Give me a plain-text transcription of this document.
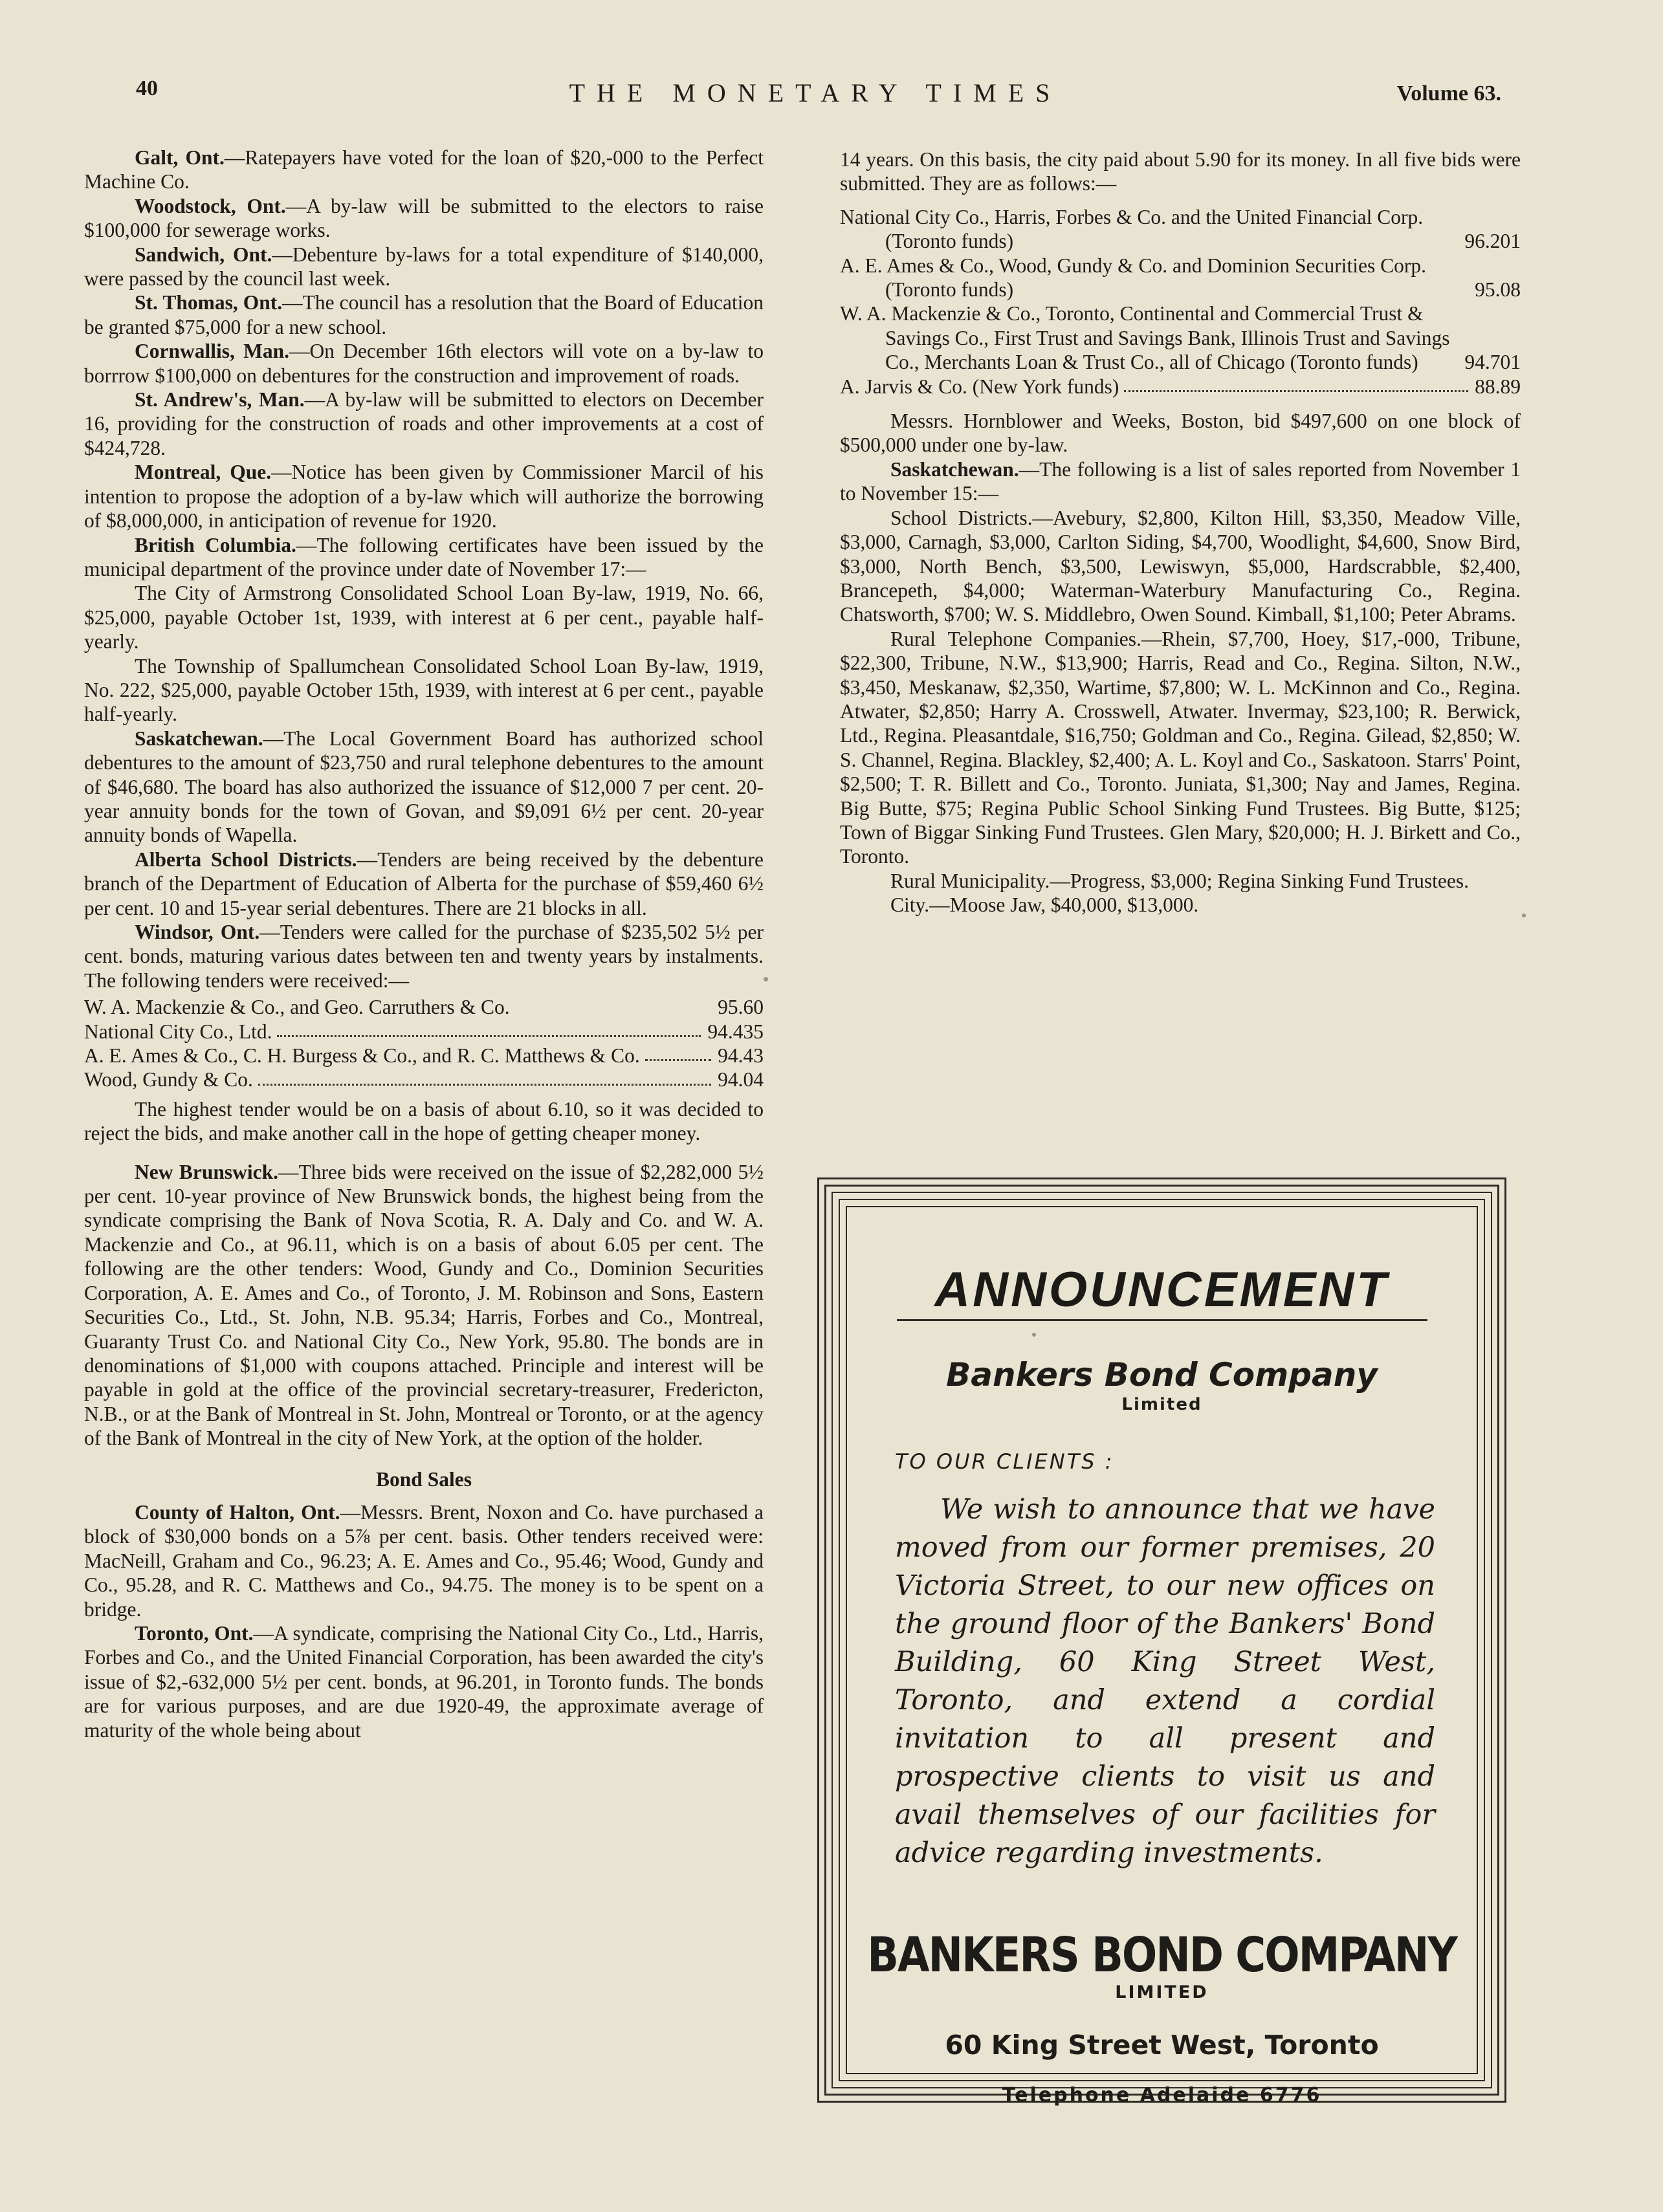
40	THE MONETARY TIMES	Volume 63.

Galt, Ont.—Ratepayers have voted for the loan of $20,-000 to the Perfect Machine Co.

Woodstock, Ont.—A by-law will be submitted to the electors to raise $100,000 for sewerage works.

Sandwich, Ont.—Debenture by-laws for a total expenditure of $140,000, were passed by the council last week.

St. Thomas, Ont.—The council has a resolution that the Board of Education be granted $75,000 for a new school.

Cornwallis, Man.—On December 16th electors will vote on a by-law to borrrow $100,000 on debentures for the construction and improvement of roads.

St. Andrew's, Man.—A by-law will be submitted to electors on December 16, providing for the construction of roads and other improvements at a cost of $424,728.

Montreal, Que.—Notice has been given by Commissioner Marcil of his intention to propose the adoption of a by-law which will authorize the borrowing of $8,000,000, in anticipation of revenue for 1920.

British Columbia.—The following certificates have been issued by the municipal department of the province under date of November 17:—

The City of Armstrong Consolidated School Loan By-law, 1919, No. 66, $25,000, payable October 1st, 1939, with interest at 6 per cent., payable half-yearly.

The Township of Spallumchean Consolidated School Loan By-law, 1919, No. 222, $25,000, payable October 15th, 1939, with interest at 6 per cent., payable half-yearly.

Saskatchewan.—The Local Government Board has authorized school debentures to the amount of $23,750 and rural telephone debentures to the amount of $46,680. The board has also authorized the issuance of $12,000 7 per cent. 20-year annuity bonds for the town of Govan, and $9,091 6½ per cent. 20-year annuity bonds of Wapella.

Alberta School Districts.—Tenders are being received by the debenture branch of the Department of Education of Alberta for the purchase of $59,460 6½ per cent. 10 and 15-year serial debentures. There are 21 blocks in all.

Windsor, Ont.—Tenders were called for the purchase of $235,502 5½ per cent. bonds, maturing various dates between ten and twenty years by instalments. The following tenders were received:—

W. A. Mackenzie & Co., and Geo. Carruthers & Co.	95.60
National City Co., Ltd.	94.435
A. E. Ames & Co., C. H. Burgess & Co., and R. C. Matthews & Co.	94.43
Wood, Gundy & Co.	94.04

The highest tender would be on a basis of about 6.10, so it was decided to reject the bids, and make another call in the hope of getting cheaper money.

New Brunswick.—Three bids were received on the issue of $2,282,000 5½ per cent. 10-year province of New Brunswick bonds, the highest being from the syndicate comprising the Bank of Nova Scotia, R. A. Daly and Co. and W. A. Mackenzie and Co., at 96.11, which is on a basis of about 6.05 per cent. The following are the other tenders: Wood, Gundy and Co., Dominion Securities Corporation, A. E. Ames and Co., of Toronto, J. M. Robinson and Sons, Eastern Securities Co., Ltd., St. John, N.B. 95.34; Harris, Forbes and Co., Montreal, Guaranty Trust Co. and National City Co., New York, 95.80. The bonds are in denominations of $1,000 with coupons attached. Principle and interest will be payable in gold at the office of the provincial secretary-treasurer, Fredericton, N.B., or at the Bank of Montreal in St. John, Montreal or Toronto, or at the agency of the Bank of Montreal in the city of New York, at the option of the holder.

Bond Sales

County of Halton, Ont.—Messrs. Brent, Noxon and Co. have purchased a block of $30,000 bonds on a 5⅞ per cent. basis. Other tenders received were: MacNeill, Graham and Co., 96.23; A. E. Ames and Co., 95.46; Wood, Gundy and Co., 95.28, and R. C. Matthews and Co., 94.75. The money is to be spent on a bridge.

Toronto, Ont.—A syndicate, comprising the National City Co., Ltd., Harris, Forbes and Co., and the United Financial Corporation, has been awarded the city's issue of $2,-632,000 5½ per cent. bonds, at 96.201, in Toronto funds. The bonds are for various purposes, and are due 1920-49, the approximate average of maturity of the whole being about

14 years. On this basis, the city paid about 5.90 for its money. In all five bids were submitted. They are as follows:—

National City Co., Harris, Forbes & Co. and the United Financial Corp. (Toronto funds)	96.201
A. E. Ames & Co., Wood, Gundy & Co. and Dominion Securities Corp. (Toronto funds)	95.08
W. A. Mackenzie & Co., Toronto, Continental and Commercial Trust & Savings Co., First Trust and Savings Bank, Illinois Trust and Savings Co., Merchants Loan & Trust Co., all of Chicago (Toronto funds)	94.701
A. Jarvis & Co. (New York funds)	88.89

Messrs. Hornblower and Weeks, Boston, bid $497,600 on one block of $500,000 under one by-law.

Saskatchewan.—The following is a list of sales reported from November 1 to November 15:—

School Districts.—Avebury, $2,800, Kilton Hill, $3,350, Meadow Ville, $3,000, Carnagh, $3,000, Carlton Siding, $4,700, Woodlight, $4,600, Snow Bird, $3,000, North Bench, $3,500, Lewiswyn, $5,000, Hardscrabble, $2,400, Brancepeth, $4,000; Waterman-Waterbury Manufacturing Co., Regina. Chatsworth, $700; W. S. Middlebro, Owen Sound. Kimball, $1,100; Peter Abrams.

Rural Telephone Companies.—Rhein, $7,700, Hoey, $17,-000, Tribune, $22,300, Tribune, N.W., $13,900; Harris, Read and Co., Regina. Silton, N.W., $3,450, Meskanaw, $2,350, Wartime, $7,800; W. L. McKinnon and Co., Regina. Atwater, $2,850; Harry A. Crosswell, Atwater. Invermay, $23,100; R. Berwick, Ltd., Regina. Pleasantdale, $16,750; Goldman and Co., Regina. Gilead, $2,850; W. S. Channel, Regina. Blackley, $2,400; A. L. Koyl and Co., Saskatoon. Starrs' Point, $2,500; T. R. Billett and Co., Toronto. Juniata, $1,300; Nay and James, Regina. Big Butte, $75; Regina Public School Sinking Fund Trustees. Big Butte, $125; Town of Biggar Sinking Fund Trustees. Glen Mary, $20,000; H. J. Birkett and Co., Toronto.

Rural Municipality.—Progress, $3,000; Regina Sinking Fund Trustees.

City.—Moose Jaw, $40,000, $13,000.

ANNOUNCEMENT
Bankers Bond Company
Limited
TO OUR CLIENTS :
We wish to announce that we have moved from our former premises, 20 Victoria Street, to our new offices on the ground floor of the Bankers' Bond Building, 60 King Street West, Toronto, and extend a cordial invitation to all present and prospective clients to visit us and avail themselves of our facilities for advice regarding investments.
BANKERS BOND COMPANY
LIMITED
60 King Street West, Toronto
Telephone Adelaide 6776
